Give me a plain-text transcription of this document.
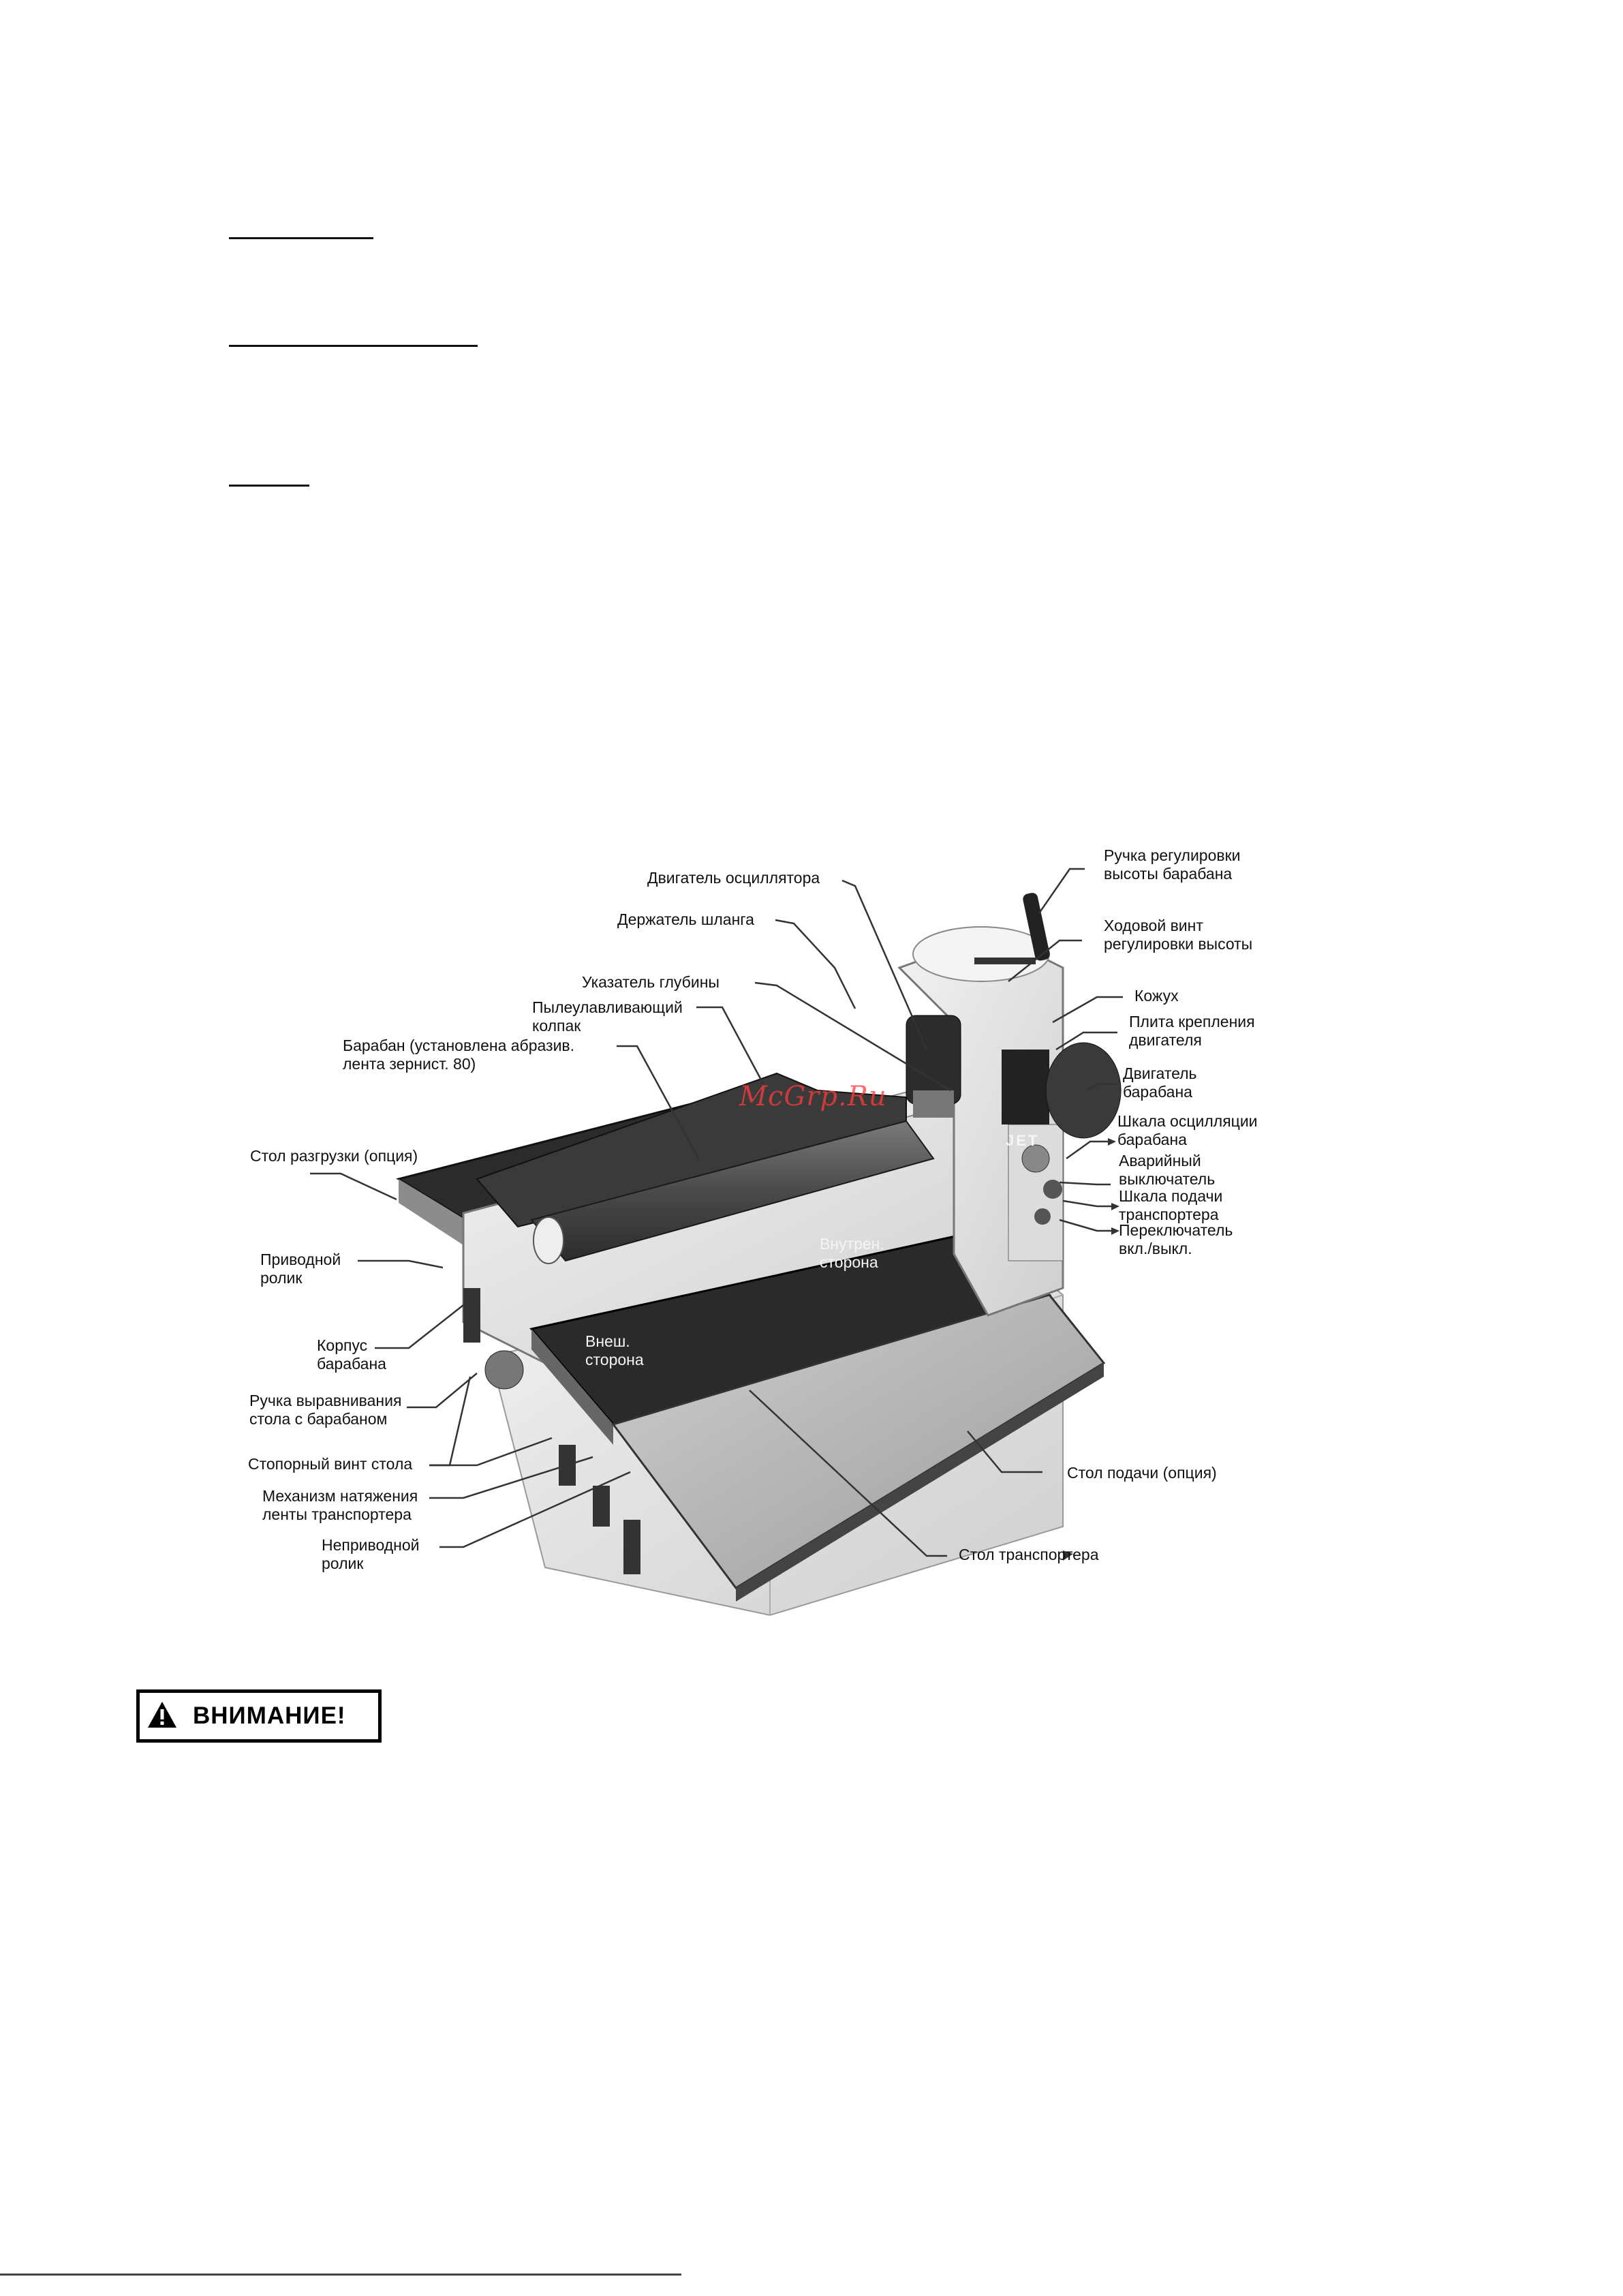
McGrp.Ru
JET
Двигатель осциллятора
Держатель шланга
Указатель глубины
Пылеулавливающий
колпак
Барабан (установлена абразив.
лента зернист. 80)
Стол разгрузки (опция)
Приводной
ролик
Корпус
барабана
Ручка выравнивания
стола с барабаном
Стопорный винт стола
Механизм натяжения
ленты транспортера
Неприводной
ролик
Ручка регулировки
высоты барабана
Ходовой винт
регулировки высоты
Кожух
Плита крепления
двигателя
Двигатель
барабана
Шкала осцилляции
барабана
Аварийный
выключатель
Шкала подачи
транспортера
Переключатель
вкл./выкл.
Внутрен.
сторона
Внеш.
сторона
Стол подачи (опция)
Стол транспортера
ВНИМАНИЕ!
